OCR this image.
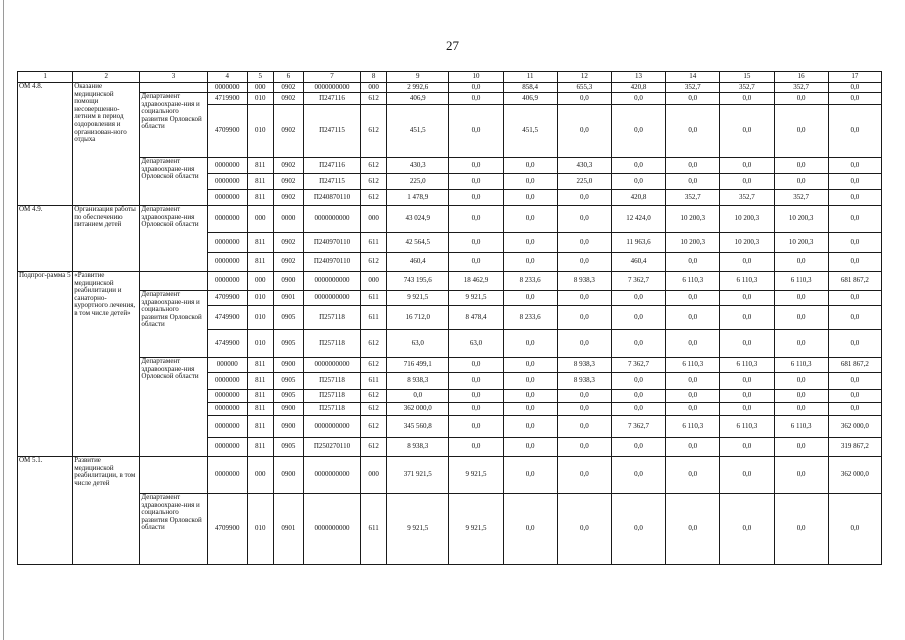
27
1	2	3	4	5	6	7	8	9	10	11	12	13	14	15	16	17
ОМ 4.8.	Оказание медицинской помощи несовершенно-летним в период оздоровления и организован-ного отдыха		0000000	000	0902	0000000000	000	2 992,6	0,0	858,4	655,3	420,8	352,7	352,7	352,7	0,0
		Департамент здравоохране-ния и социального развития Орловской области	4719900	010	0902	П247116	612	406,9	0,0	406,9	0,0	0,0	0,0	0,0	0,0	0,0
			4709900	010	0902	П247115	612	451,5	0,0	451,5	0,0	0,0	0,0	0,0	0,0	0,0
		Департамент здравоохране-ния Орловской области	0000000	811	0902	П247116	612	430,3	0,0	0,0	430,3	0,0	0,0	0,0	0,0	0,0
			0000000	811	0902	П247115	612	225,0	0,0	0,0	225,0	0,0	0,0	0,0	0,0	0,0
			0000000	811	0902	П240870110	612	1 478,9	0,0	0,0	0,0	420,8	352,7	352,7	352,7	0,0
ОМ 4.9.	Организация работы по обеспечению питанием детей	Департамент здравоохране-ния Орловской области	0000000	000	0000	0000000000	000	43 024,9	0,0	0,0	0,0	12 424,0	10 200,3	10 200,3	10 200,3	0,0
			0000000	811	0902	П240970110	611	42 564,5	0,0	0,0	0,0	11 963,6	10 200,3	10 200,3	10 200,3	0,0
			0000000	811	0902	П240970110	612	460,4	0,0	0,0	0,0	460,4	0,0	0,0	0,0	0,0
Подпрог-рамма 5	«Развитие медицинской реабилитации и санаторно-курортного лечения, в том числе детей»		0000000	000	0900	0000000000	000	743 195,6	18 462,9	8 233,6	8 938,3	7 362,7	6 110,3	6 110,3	6 110,3	681 867,2
		Департамент здравоохране-ния и социального развития Орловской области	4709900	010	0901	0000000000	611	9 921,5	9 921,5	0,0	0,0	0,0	0,0	0,0	0,0	0,0
			4749900	010	0905	П257118	611	16 712,0	8 478,4	8 233,6	0,0	0,0	0,0	0,0	0,0	0,0
			4749900	010	0905	П257118	612	63,0	63,0	0,0	0,0	0,0	0,0	0,0	0,0	0,0
		Департамент здравоохране-ния Орловской области	000000	811	0900	0000000000	612	716 499,1	0,0	0,0	8 938,3	7 362,7	6 110,3	6 110,3	6 110,3	681 867,2
			0000000	811	0905	П257118	611	8 938,3	0,0	0,0	8 938,3	0,0	0,0	0,0	0,0	0,0
			0000000	811	0905	П257118	612	0,0	0,0	0,0	0,0	0,0	0,0	0,0	0,0	0,0
			0000000	811	0900	П257118	612	362 000,0	0,0	0,0	0,0	0,0	0,0	0,0	0,0	0,0
			0000000	811	0900	0000000000	612	345 560,8	0,0	0,0	0,0	7 362,7	6 110,3	6 110,3	6 110,3	362 000,0
			0000000	811	0905	П250270110	612	8 938,3	0,0	0,0	0,0	0,0	0,0	0,0	0,0	319 867,2
ОМ 5.1.	Развитие медицинской реабилитации, в том числе детей		0000000	000	0900	0000000000	000	371 921,5	9 921,5	0,0	0,0	0,0	0,0	0,0	0,0	362 000,0
		Департамент здравоохране-ния и социального развития Орловской области	4709900	010	0901	0000000000	611	9 921,5	9 921,5	0,0	0,0	0,0	0,0	0,0	0,0	0,0
